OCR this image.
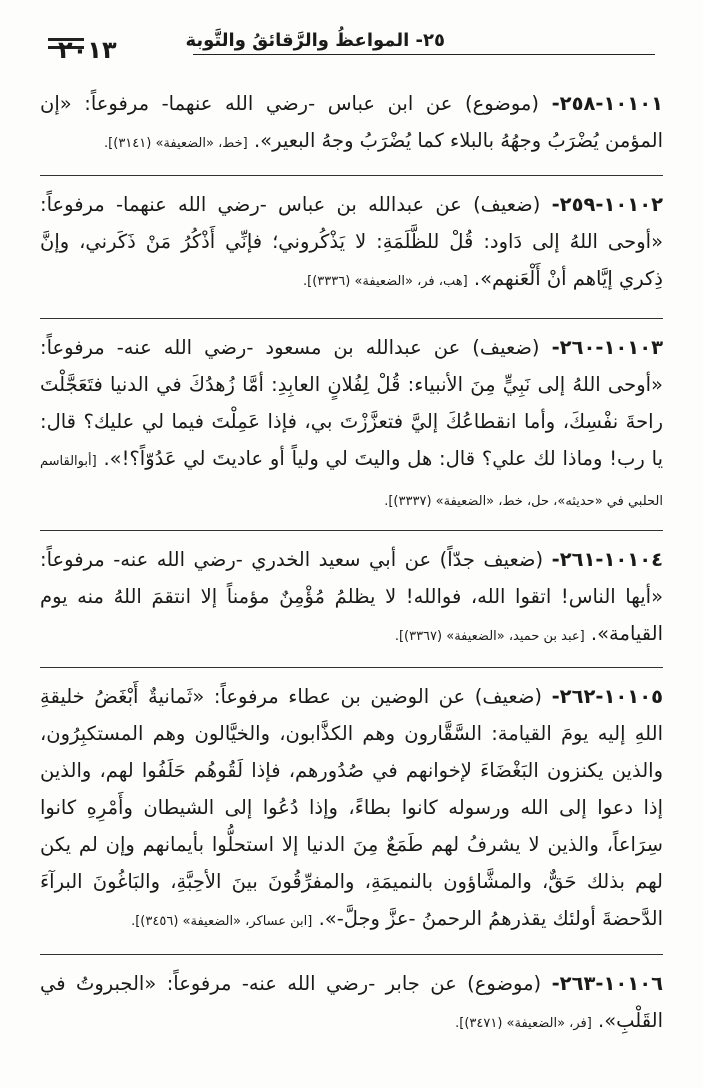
٢٠١٣	٢٥- المواعظُ والرَّقائقُ والتَّوبة

١٠١٠١-٢٥٨- (موضوع) عن ابن عباس -رضي الله عنهما- مرفوعاً: «إن المؤمن يُضْرَبُ وجهُهُ بالبلاء كما يُضْرَبُ وجهُ البعير». [خط، «الضعيفة» (٣١٤١)].

١٠١٠٢-٢٥٩- (ضعيف) عن عبدالله بن عباس -رضي الله عنهما- مرفوعاً: «أوحى اللهُ إلى دَاود: قُلْ للظَّلَمَةِ: لا يَذْكُروني؛ فإنِّي أَذْكُرُ مَنْ ذَكَرني، وإنَّ ذِكري إيَّاهم أنْ أَلْعَنهم». [هب، فر، «الضعيفة» (٣٣٣٦)].

١٠١٠٣-٢٦٠- (ضعيف) عن عبدالله بن مسعود -رضي الله عنه- مرفوعاً: «أوحى اللهُ إلى نَبِيٍّ مِنَ الأنبياء: قُلْ لِفُلانٍ العابِدِ: أمَّا زُهدُكَ في الدنيا فتَعَجَّلْتَ راحةَ نفْسِكَ، وأما انقطاعُكَ إليَّ فتعزَّزْتَ بي، فإذا عَمِلْتَ فيما لي عليك؟ قال: يا رب! وماذا لك علي؟ قال: هل واليتَ لي ولياً أو عاديتَ لي عَدُوّاً؟!». [أبوالقاسم الحلبي في «حديثه»، حل، خط، «الضعيفة» (٣٣٣٧)].

١٠١٠٤-٢٦١- (ضعيف جدّاً) عن أبي سعيد الخدري -رضي الله عنه- مرفوعاً: «أيها الناس! اتقوا الله، فوالله! لا يظلمُ مُؤْمِنٌ مؤمناً إلا انتقمَ اللهُ منه يوم القيامة». [عبد بن حميد، «الضعيفة» (٣٣٦٧)].

١٠١٠٥-٢٦٢- (ضعيف) عن الوضين بن عطاء مرفوعاً: «ثَمانيةٌ أَبْغَضُ خليقةِ اللهِ إليه يومَ القيامة: السَّقَّارون وهم الكذَّابون، والخيَّالون وهم المستكبِرُون، والذين يكنزون البَغْضَاءَ لإخوانهم في صُدُورهم، فإذا لَقُوهُم حَلَفُوا لهم، والذين إذا دعوا إلى الله ورسوله كانوا بطاءً، وإذا دُعُوا إلى الشيطان وأَمْرِهِ كانوا سِرَاعاً، والذين لا يشرفُ لهم طَمَعٌ مِنَ الدنيا إلا استحلُّوا بأيمانهم وإن لم يكن لهم بذلك حَقٌّ، والمشَّاؤون بالنميمَةِ، والمفرِّقُونَ بينَ الأحِبَّةِ، والبَاغُونَ البرآءَ الدَّحضةَ أولئك يقذرهمُ الرحمنُ -عزَّ وجلَّ-». [ابن عساكر، «الضعيفة» (٣٤٥٦)].

١٠١٠٦-٢٦٣- (موضوع) عن جابر -رضي الله عنه- مرفوعاً: «الجبروتُ في القَلْبِ». [فر، «الضعيفة» (٣٤٧١)].
